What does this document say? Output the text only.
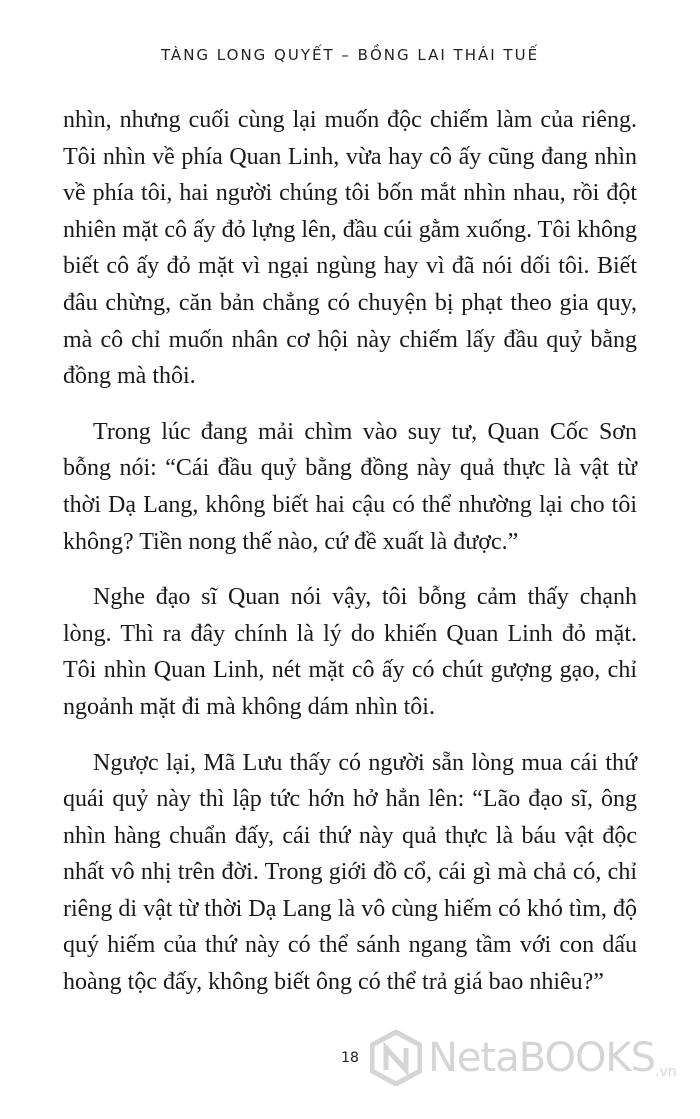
TÀNG LONG QUYẾT – BỒNG LAI THÁI TUẾ

nhìn, nhưng cuối cùng lại muốn độc chiếm làm của riêng. Tôi nhìn về phía Quan Linh, vừa hay cô ấy cũng đang nhìn về phía tôi, hai người chúng tôi bốn mắt nhìn nhau, rồi đột nhiên mặt cô ấy đỏ lựng lên, đầu cúi gằm xuống. Tôi không biết cô ấy đỏ mặt vì ngại ngùng hay vì đã nói dối tôi. Biết đâu chừng, căn bản chẳng có chuyện bị phạt theo gia quy, mà cô chỉ muốn nhân cơ hội này chiếm lấy đầu quỷ bằng đồng mà thôi.

Trong lúc đang mải chìm vào suy tư, Quan Cốc Sơn bỗng nói: “Cái đầu quỷ bằng đồng này quả thực là vật từ thời Dạ Lang, không biết hai cậu có thể nhường lại cho tôi không? Tiền nong thế nào, cứ đề xuất là được.”

Nghe đạo sĩ Quan nói vậy, tôi bỗng cảm thấy chạnh lòng. Thì ra đây chính là lý do khiến Quan Linh đỏ mặt. Tôi nhìn Quan Linh, nét mặt cô ấy có chút gượng gạo, chỉ ngoảnh mặt đi mà không dám nhìn tôi.

Ngược lại, Mã Lưu thấy có người sẵn lòng mua cái thứ quái quỷ này thì lập tức hớn hở hẳn lên: “Lão đạo sĩ, ông nhìn hàng chuẩn đấy, cái thứ này quả thực là báu vật độc nhất vô nhị trên đời. Trong giới đồ cổ, cái gì mà chả có, chỉ riêng di vật từ thời Dạ Lang là vô cùng hiếm có khó tìm, độ quý hiếm của thứ này có thể sánh ngang tầm với con dấu hoàng tộc đấy, không biết ông có thể trả giá bao nhiêu?”

18	NetaBOOKS .vn
